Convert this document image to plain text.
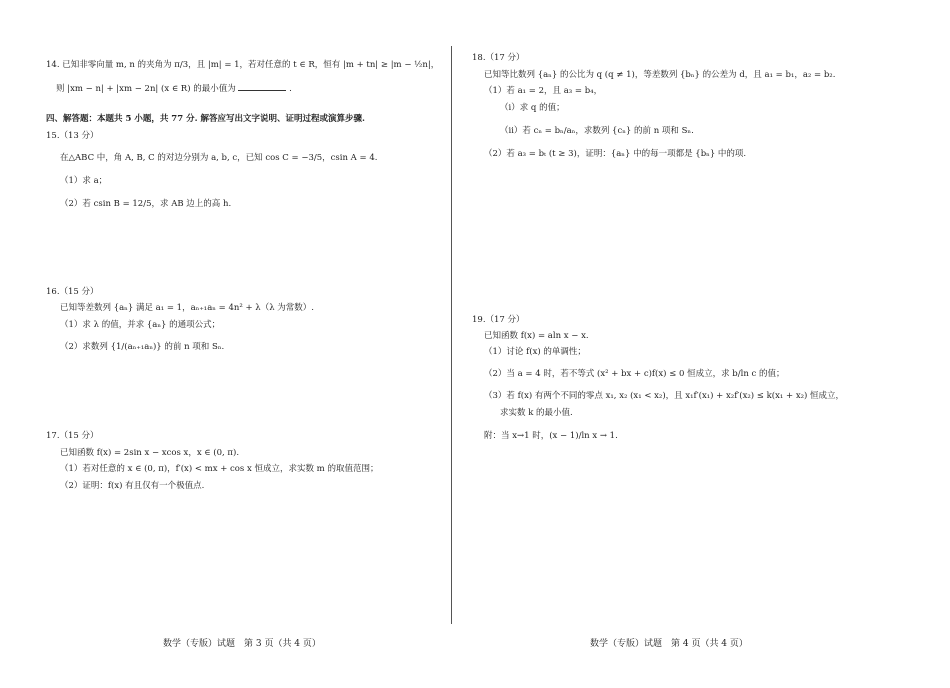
14. 已知非零向量 m, n 的夹角为 π/3，且 |m| = 1，若对任意的 t ∈ R，恒有 |m + tn| ≥ |m − ½n|，
则 |xm − n| + |xm − 2n| (x ∈ R) 的最小值为	.
四、解答题：本题共 5 小题，共 77 分. 解答应写出文字说明、证明过程或演算步骤.
15.（13 分）
在△ABC 中，角 A, B, C 的对边分别为 a, b, c，已知 cos C = −3/5，csin A = 4.
（1）求 a；
（2）若 csin B = 12/5，求 AB 边上的高 h.
16.（15 分）
已知等差数列 {aₙ} 满足 a₁ = 1，aₙ₊₁aₙ = 4n² + λ（λ 为常数）.
（1）求 λ 的值，并求 {aₙ} 的通项公式；
（2）求数列 {1/(aₙ₊₁aₙ)} 的前 n 项和 Sₙ.
17.（15 分）
已知函数 f(x) = 2sin x − xcos x，x ∈ (0, π).
（1）若对任意的 x ∈ (0, π)，f′(x) < mx + cos x 恒成立，求实数 m 的取值范围；
（2）证明：f(x) 有且仅有一个极值点.
数学（专版）试题　第 3 页（共 4 页）
18.（17 分）
已知等比数列 {aₙ} 的公比为 q (q ≠ 1)，等差数列 {bₙ} 的公差为 d，且 a₁ = b₁，a₂ = b₂.
（1）若 a₁ = 2，且 a₃ = b₄，
（ⅰ）求 q 的值；
（ⅱ）若 cₙ = bₙ/aₙ，求数列 {cₙ} 的前 n 项和 Sₙ.
（2）若 a₃ = bₜ (t ≥ 3)，证明：{aₙ} 中的每一项都是 {bₙ} 中的项.
19.（17 分）
已知函数 f(x) = aln x − x.
（1）讨论 f(x) 的单调性；
（2）当 a = 4 时，若不等式 (x² + bx + c)f(x) ≤ 0 恒成立，求 b/ln c 的值；
（3）若 f(x) 有两个不同的零点 x₁, x₂ (x₁ < x₂)，且 x₁f′(x₁) + x₂f′(x₂) ≤ k(x₁ + x₂) 恒成立，
求实数 k 的最小值.
附：当 x→1 时，(x − 1)/ln x → 1.
数学（专版）试题　第 4 页（共 4 页）
